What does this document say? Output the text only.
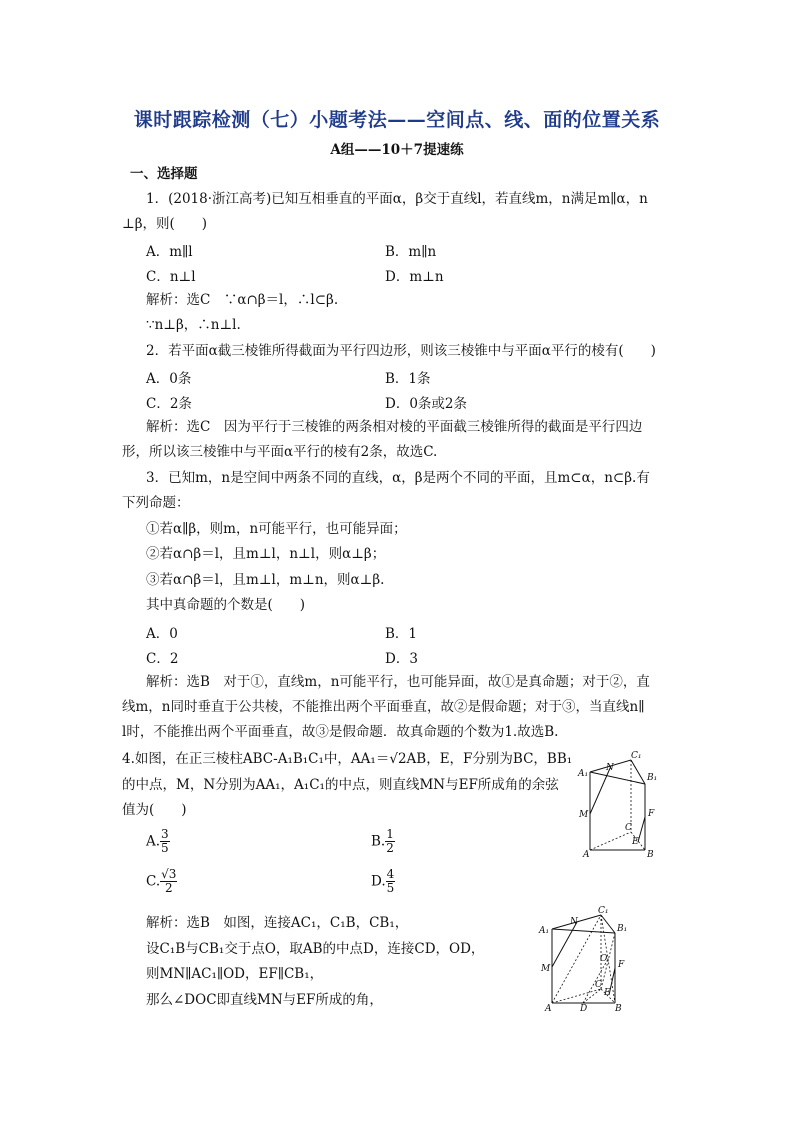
课时跟踪检测（七）小题考法——空间点、线、面的位置关系
A组——10＋7提速练
一、选择题
1．(2018·浙江高考)已知互相垂直的平面α，β交于直线l，若直线m，n满足m∥α，n
⊥β，则(　　)
A．m∥l	B．m∥n
C．n⊥l	D．m⊥n
解析：选C　∵α∩β＝l，∴l⊂β.
∵n⊥β，∴n⊥l.
2．若平面α截三棱锥所得截面为平行四边形，则该三棱锥中与平面α平行的棱有(　　)
A．0条	B．1条
C．2条	D．0条或2条
解析：选C　因为平行于三棱锥的两条相对棱的平面截三棱锥所得的截面是平行四边
形，所以该三棱锥中与平面α平行的棱有2条，故选C.
3．已知m，n是空间中两条不同的直线，α，β是两个不同的平面，且m⊂α，n⊂β.有
下列命题：
①若α∥β，则m，n可能平行，也可能异面；
②若α∩β＝l，且m⊥l，n⊥l，则α⊥β；
③若α∩β＝l，且m⊥l，m⊥n，则α⊥β.
其中真命题的个数是(　　)
A．0	B．1
C．2	D．3
解析：选B　对于①，直线m，n可能平行，也可能异面，故①是真命题；对于②，直
线m，n同时垂直于公共棱，不能推出两个平面垂直，故②是假命题；对于③，当直线n∥
l时，不能推出两个平面垂直，故③是假命题．故真命题的个数为1.故选B.
4.如图，在正三棱柱ABC-A₁B₁C₁中，AA₁＝√2AB，E，F分别为BC，BB₁
的中点，M，N分别为AA₁，A₁C₁的中点，则直线MN与EF所成角的余弦
值为(　　)
A. $\frac{3}{5}$	B. $\frac{1}{2}$
C. $\frac{√3}{2}$	D. $\frac{4}{5}$
解析：选B　如图，连接AC₁，C₁B，CB₁，
设C₁B与CB₁交于点O，取AB的中点D，连接CD，OD，
则MN∥AC₁∥OD，EF∥CB₁，
那么∠DOC即直线MN与EF所成的角，
A₁	B₁
C₁
N
M	F
C
E
A	B
A₁	B₁
C₁
N
M	F
O
C
E
A	D	B
